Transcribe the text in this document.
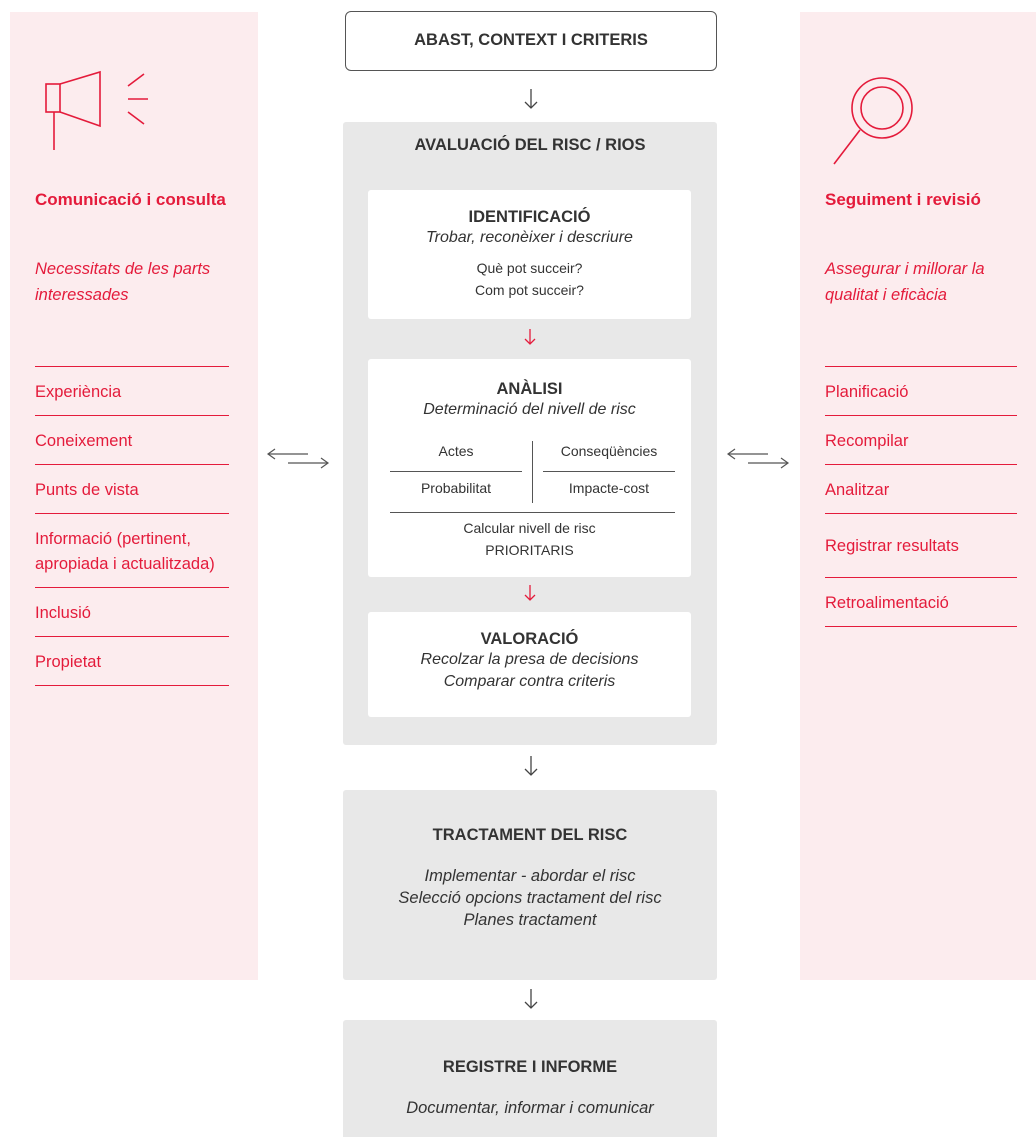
Comunicació i consulta
Necessitats de les parts interessades
Experiència
Coneixement
Punts de vista
Informació (pertinent, apropiada i actualitzada)
Inclusió
Propietat
Seguiment i revisió
Assegurar i millorar la qualitat i eficàcia
Planificació
Recompilar
Analitzar
Registrar resultats
Retroalimentació
ABAST, CONTEXT I CRITERIS
AVALUACIÓ DEL RISC / RIOS
IDENTIFICACIÓ
Trobar, reconèixer i descriure
Què pot succeir?
Com pot succeir?
ANÀLISI
Determinació del nivell de risc
Actes	Conseqüències
Probabilitat	Impacte-cost
Calcular nivell de risc
PRIORITARIS
VALORACIÓ
Recolzar la presa de decisions
Comparar contra criteris
TRACTAMENT DEL RISC
Implementar - abordar el risc
Selecció opcions tractament del risc
Planes tractament
REGISTRE I INFORME
Documentar, informar i comunicar
